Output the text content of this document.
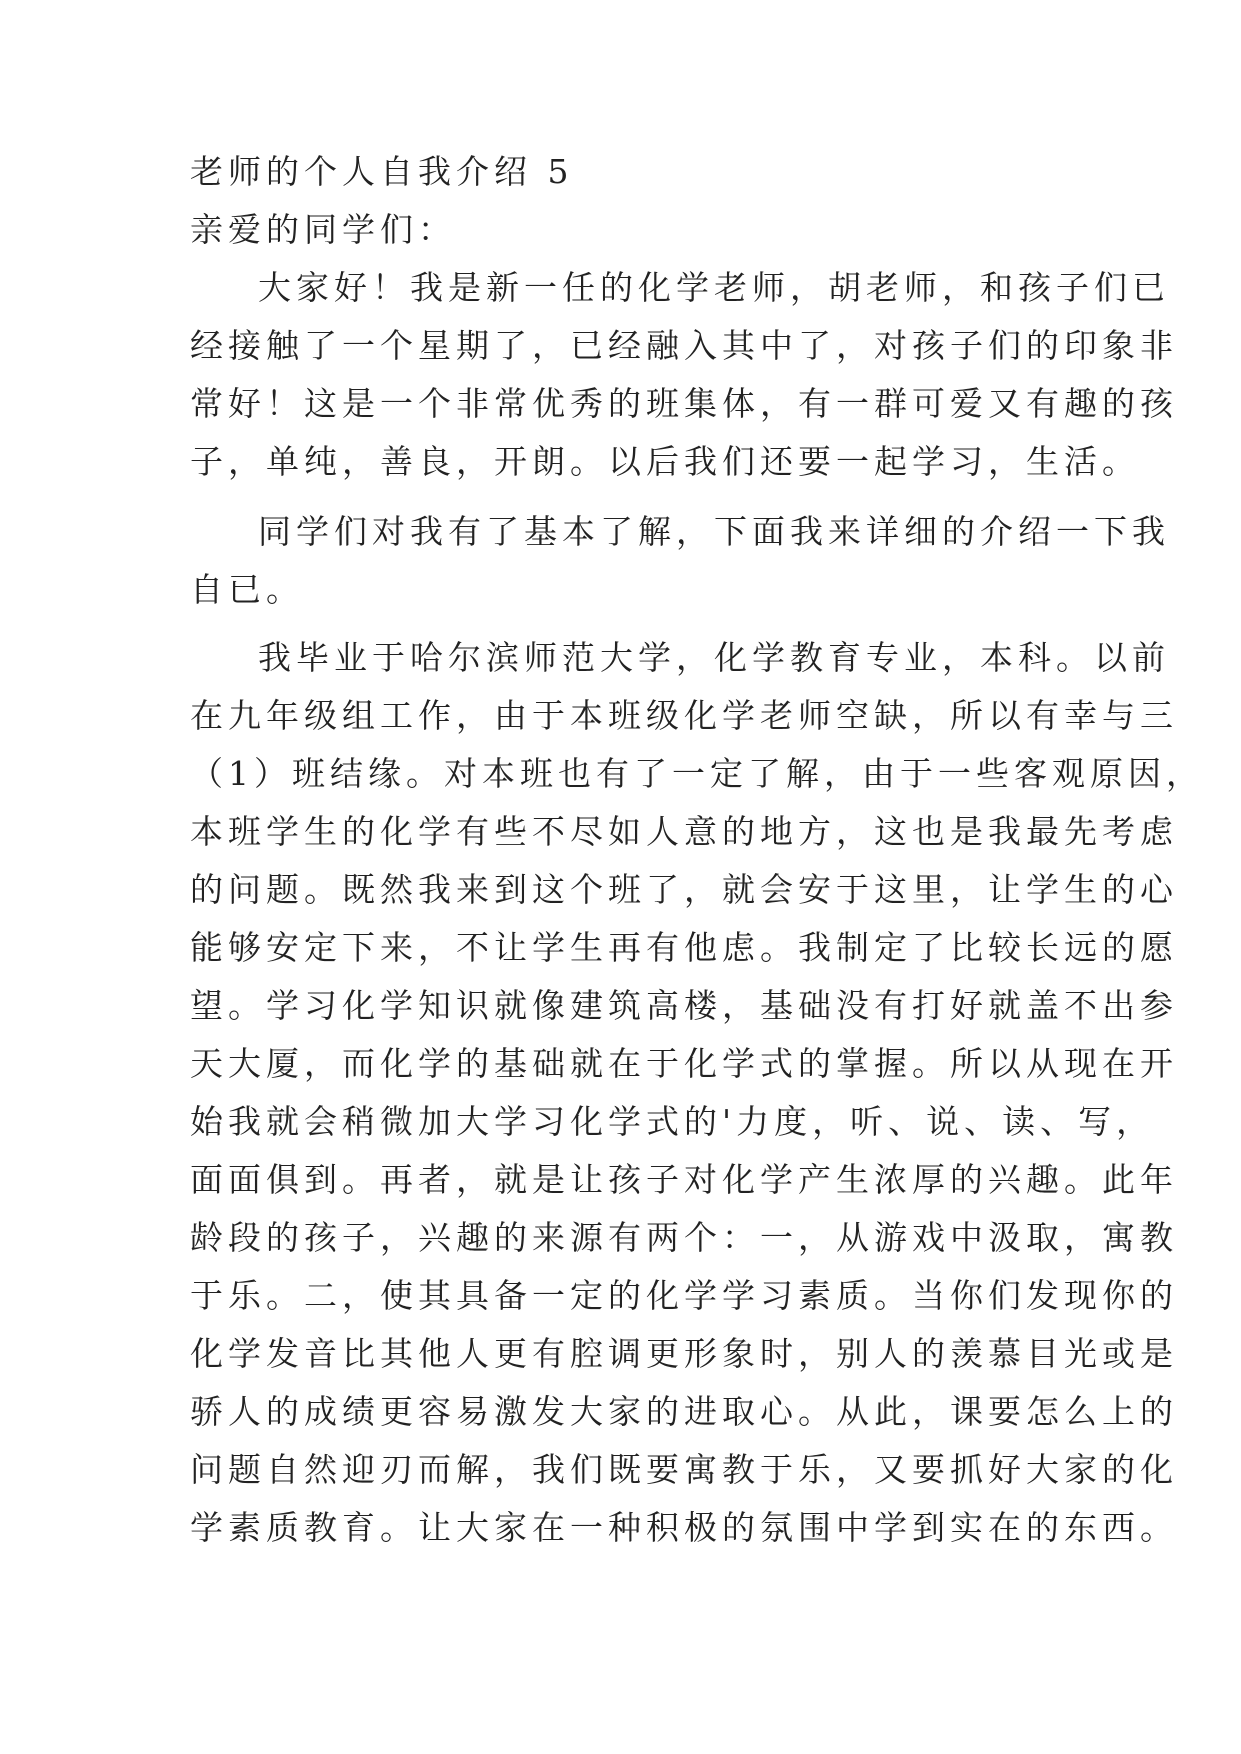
老师的个人自我介绍 5
亲爱的同学们：
大家好！我是新一任的化学老师，胡老师，和孩子们已
经接触了一个星期了，已经融入其中了，对孩子们的印象非
常好！这是一个非常优秀的班集体，有一群可爱又有趣的孩
子，单纯，善良，开朗。以后我们还要一起学习，生活。
同学们对我有了基本了解，下面我来详细的介绍一下我
自已。
我毕业于哈尔滨师范大学，化学教育专业，本科。以前
在九年级组工作，由于本班级化学老师空缺，所以有幸与三
（1）班结缘。对本班也有了一定了解，由于一些客观原因，
本班学生的化学有些不尽如人意的地方，这也是我最先考虑
的问题。既然我来到这个班了，就会安于这里，让学生的心
能够安定下来，不让学生再有他虑。我制定了比较长远的愿
望。学习化学知识就像建筑高楼，基础没有打好就盖不出参
天大厦，而化学的基础就在于化学式的掌握。所以从现在开
始我就会稍微加大学习化学式的'力度，听、说、读、写，
面面俱到。再者，就是让孩子对化学产生浓厚的兴趣。此年
龄段的孩子，兴趣的来源有两个：一，从游戏中汲取，寓教
于乐。二，使其具备一定的化学学习素质。当你们发现你的
化学发音比其他人更有腔调更形象时，别人的羡慕目光或是
骄人的成绩更容易激发大家的进取心。从此，课要怎么上的
问题自然迎刃而解，我们既要寓教于乐，又要抓好大家的化
学素质教育。让大家在一种积极的氛围中学到实在的东西。
